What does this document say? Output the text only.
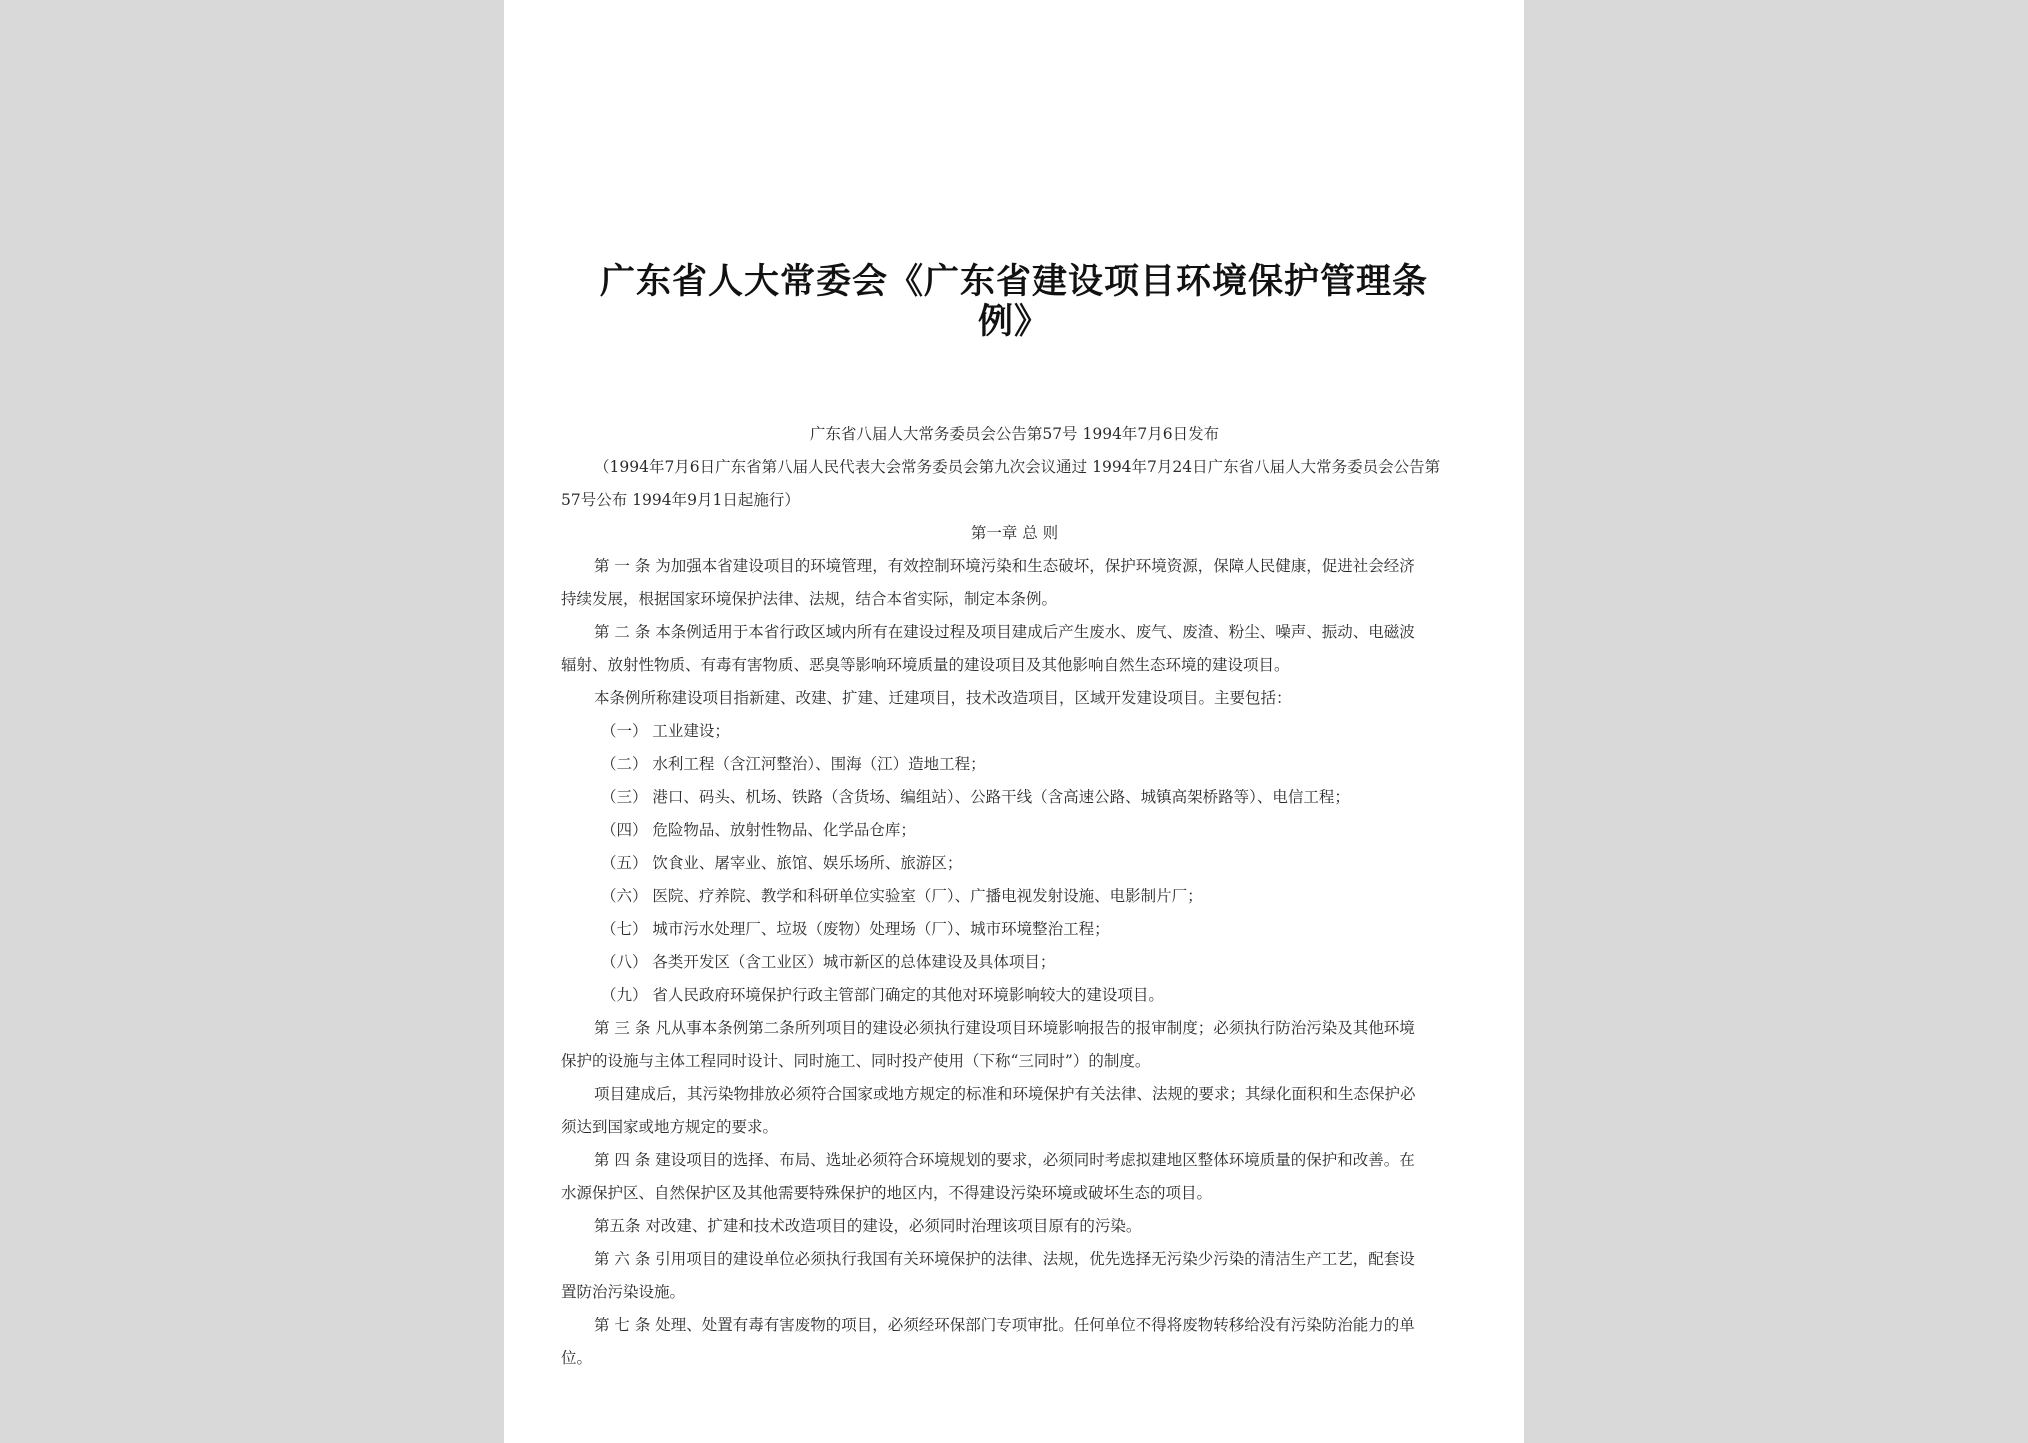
广东省人大常委会《广东省建设项目环境保护管理条
例》
广东省八届人大常务委员会公告第57号 1994年7月6日发布
（1994年7月6日广东省第八届人民代表大会常务委员会第九次会议通过 1994年7月24日广东省八届人大常务委员会公告第
57号公布 1994年9月1日起施行）
第一章 总 则
第 一 条 为加强本省建设项目的环境管理，有效控制环境污染和生态破坏，保护环境资源，保障人民健康，促进社会经济
持续发展，根据国家环境保护法律、法规，结合本省实际，制定本条例。
第 二 条 本条例适用于本省行政区域内所有在建设过程及项目建成后产生废水、废气、废渣、粉尘、噪声、振动、电磁波
辐射、放射性物质、有毒有害物质、恶臭等影响环境质量的建设项目及其他影响自然生态环境的建设项目。
本条例所称建设项目指新建、改建、扩建、迁建项目，技术改造项目，区域开发建设项目。主要包括：
（一） 工业建设；
（二） 水利工程（含江河整治）、围海（江）造地工程；
（三） 港口、码头、机场、铁路（含货场、编组站）、公路干线（含高速公路、城镇高架桥路等）、电信工程；
（四） 危险物品、放射性物品、化学品仓库；
（五） 饮食业、屠宰业、旅馆、娱乐场所、旅游区；
（六） 医院、疗养院、教学和科研单位实验室（厂）、广播电视发射设施、电影制片厂；
（七） 城市污水处理厂、垃圾（废物）处理场（厂）、城市环境整治工程；
（八） 各类开发区（含工业区）城市新区的总体建设及具体项目；
（九） 省人民政府环境保护行政主管部门确定的其他对环境影响较大的建设项目。
第 三 条 凡从事本条例第二条所列项目的建设必须执行建设项目环境影响报告的报审制度；必须执行防治污染及其他环境
保护的设施与主体工程同时设计、同时施工、同时投产使用（下称“三同时”）的制度。
项目建成后，其污染物排放必须符合国家或地方规定的标准和环境保护有关法律、法规的要求；其绿化面积和生态保护必
须达到国家或地方规定的要求。
第 四 条 建设项目的选择、布局、选址必须符合环境规划的要求，必须同时考虑拟建地区整体环境质量的保护和改善。在
水源保护区、自然保护区及其他需要特殊保护的地区内，不得建设污染环境或破坏生态的项目。
第五条 对改建、扩建和技术改造项目的建设，必须同时治理该项目原有的污染。
第 六 条 引用项目的建设单位必须执行我国有关环境保护的法律、法规，优先选择无污染少污染的清洁生产工艺，配套设
置防治污染设施。
第 七 条 处理、处置有毒有害废物的项目，必须经环保部门专项审批。任何单位不得将废物转移给没有污染防治能力的单
位。
